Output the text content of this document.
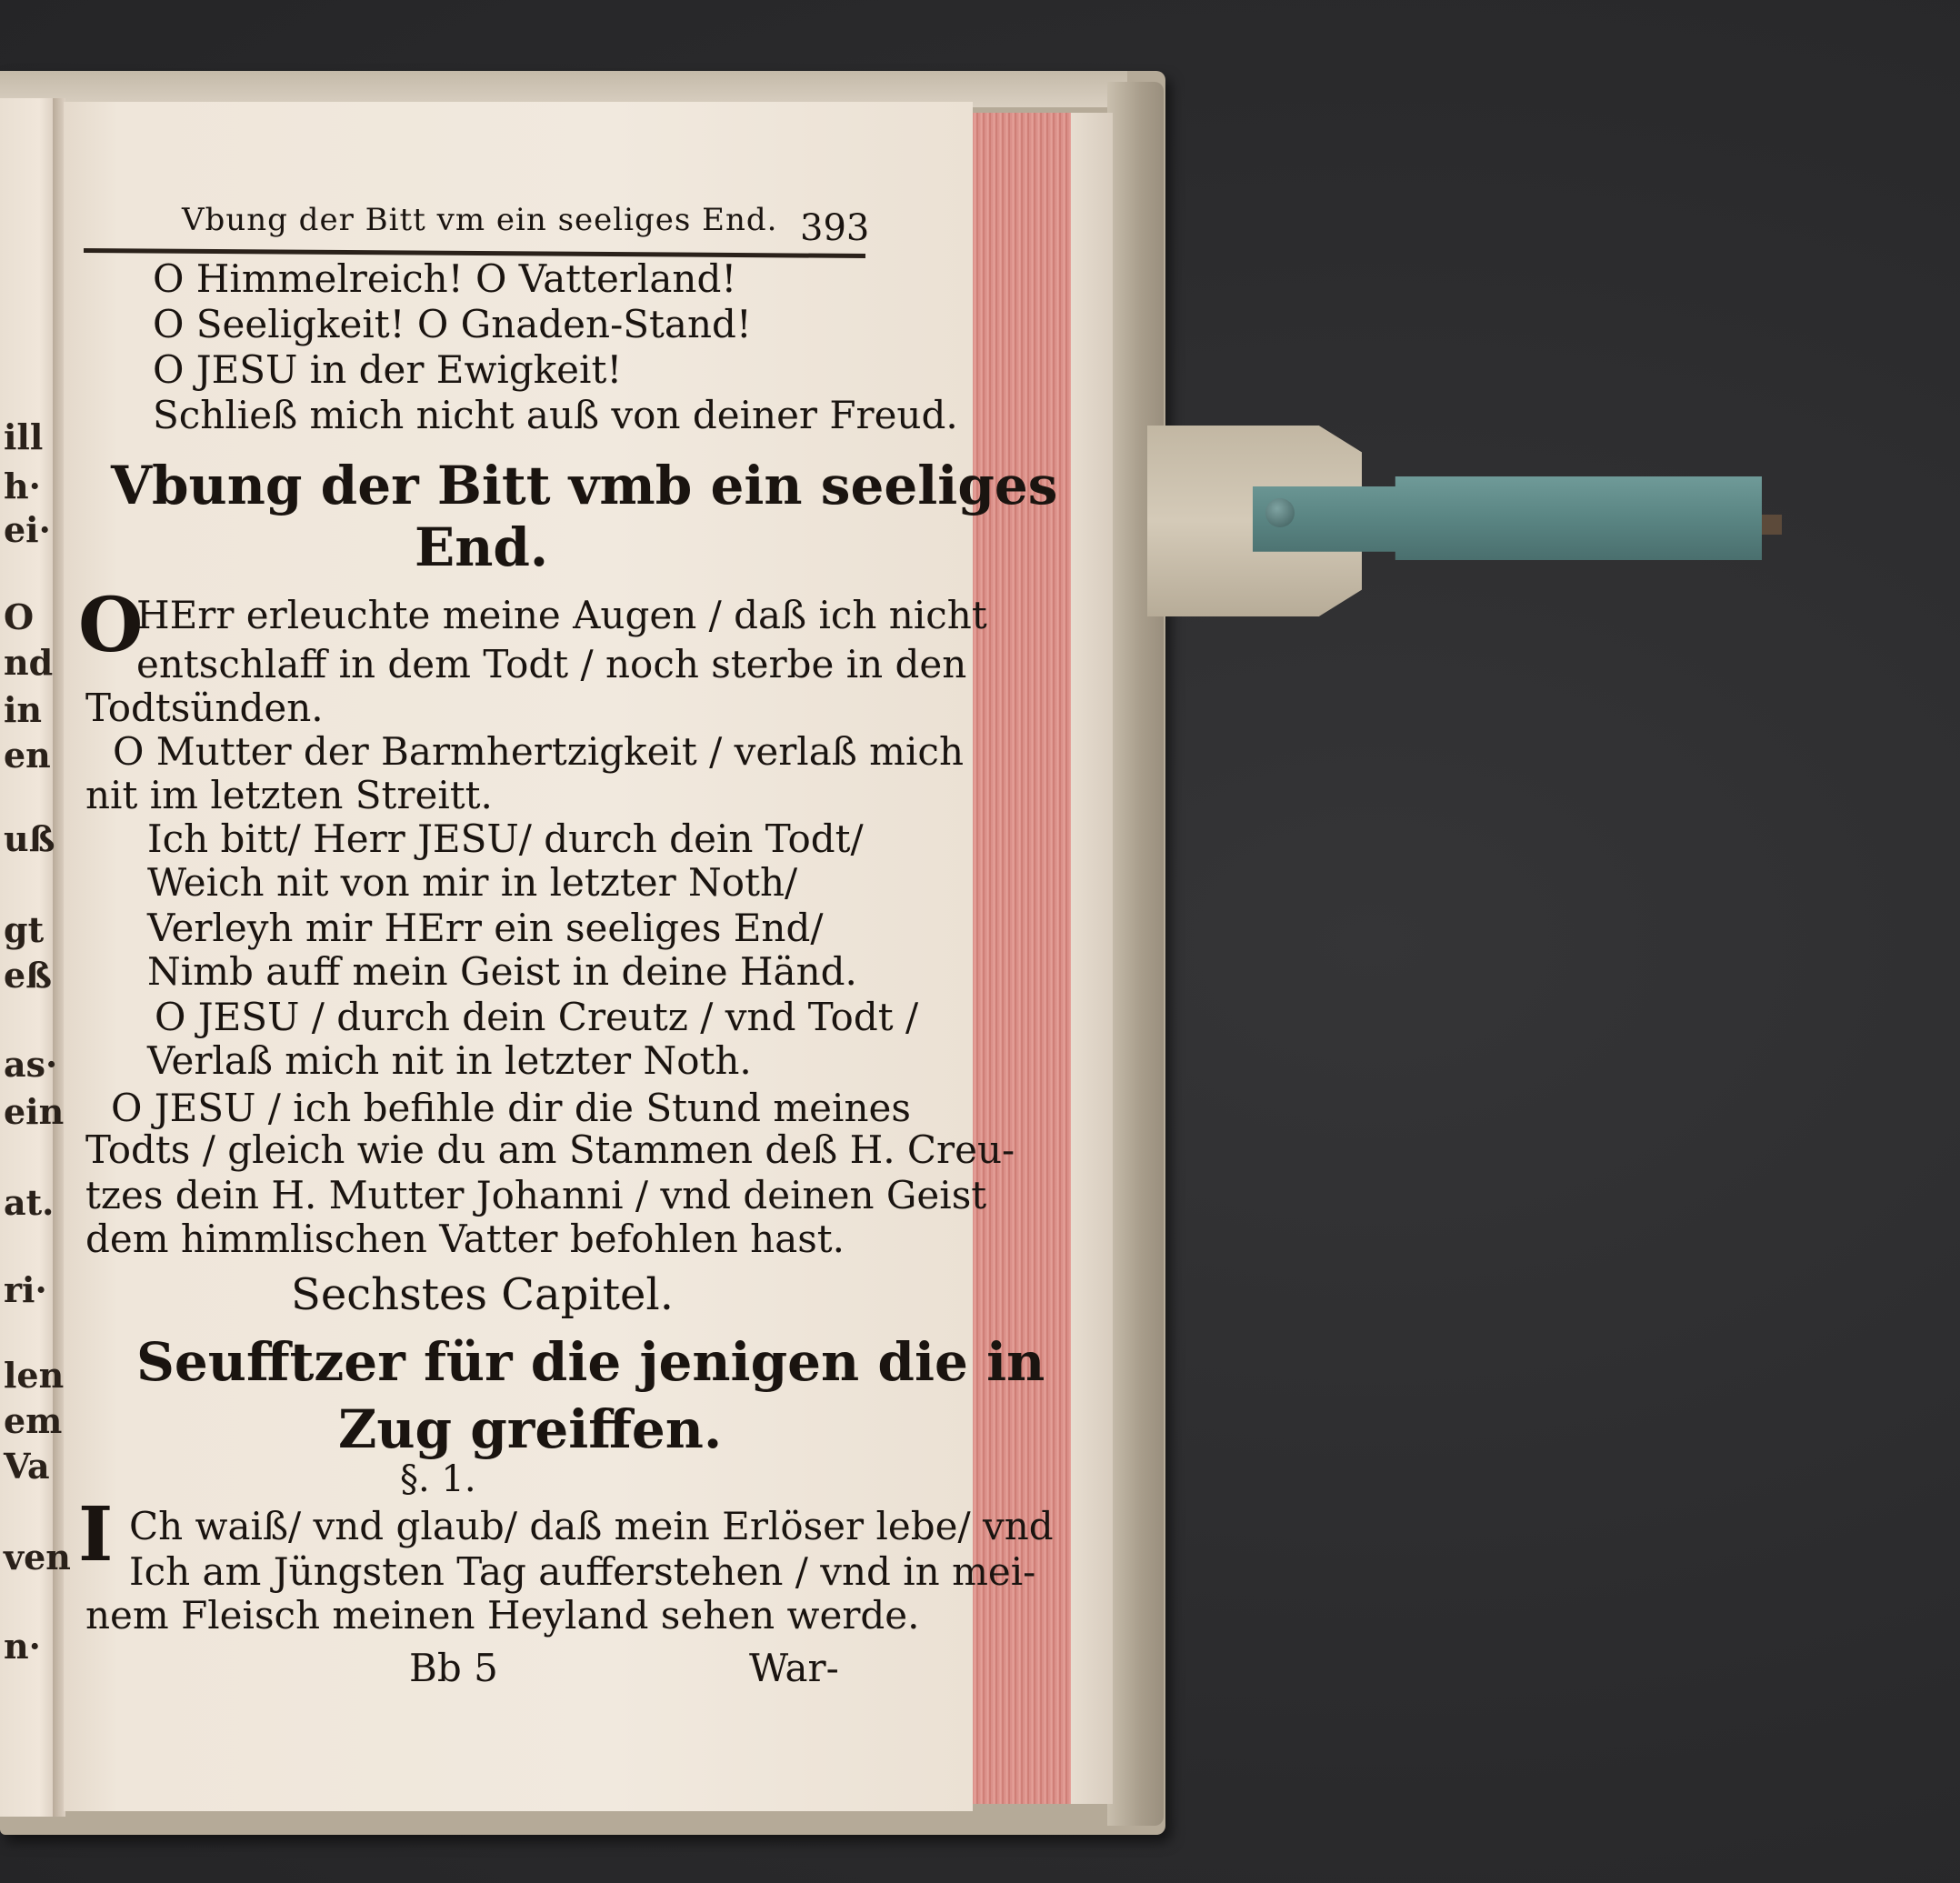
ill
h·
ei·
O
nd
in
en
uß
gt
eß
as·
ein
at.
ri·
len
em
Va
ven
n·
Vbung der Bitt vm ein seeliges End. 393
O Himmelreich! O Vatterland!
O Seeligkeit! O Gnaden-Stand!
O JESU in der Ewigkeit!
Schließ mich nicht auß von deiner Freud.
Vbung der Bitt vmb ein seeliges
End.
O
HErr erleuchte meine Augen / daß ich nicht
entschlaff in dem Todt / noch sterbe in den
Todtsünden.
O Mutter der Barmhertzigkeit / verlaß mich
nit im letzten Streitt.
Ich bitt/ Herr JESU/ durch dein Todt/
Weich nit von mir in letzter Noth/
Verleyh mir HErr ein seeliges End/
Nimb auff mein Geist in deine Händ.
O JESU / durch dein Creutz / vnd Todt /
Verlaß mich nit in letzter Noth.
O JESU / ich befihle dir die Stund meines
Todts / gleich wie du am Stammen deß H. Creu-
tzes dein H. Mutter Johanni / vnd deinen Geist
dem himmlischen Vatter befohlen hast.
Sechstes Capitel.
Seufftzer für die jenigen die in
Zug greiffen.
§. 1.
I Ch waiß/ vnd glaub/ daß mein Erlöser lebe/ vnd
Ich am Jüngsten Tag aufferstehen / vnd in mei-
nem Fleisch meinen Heyland sehen werde.
Bb 5	War-
